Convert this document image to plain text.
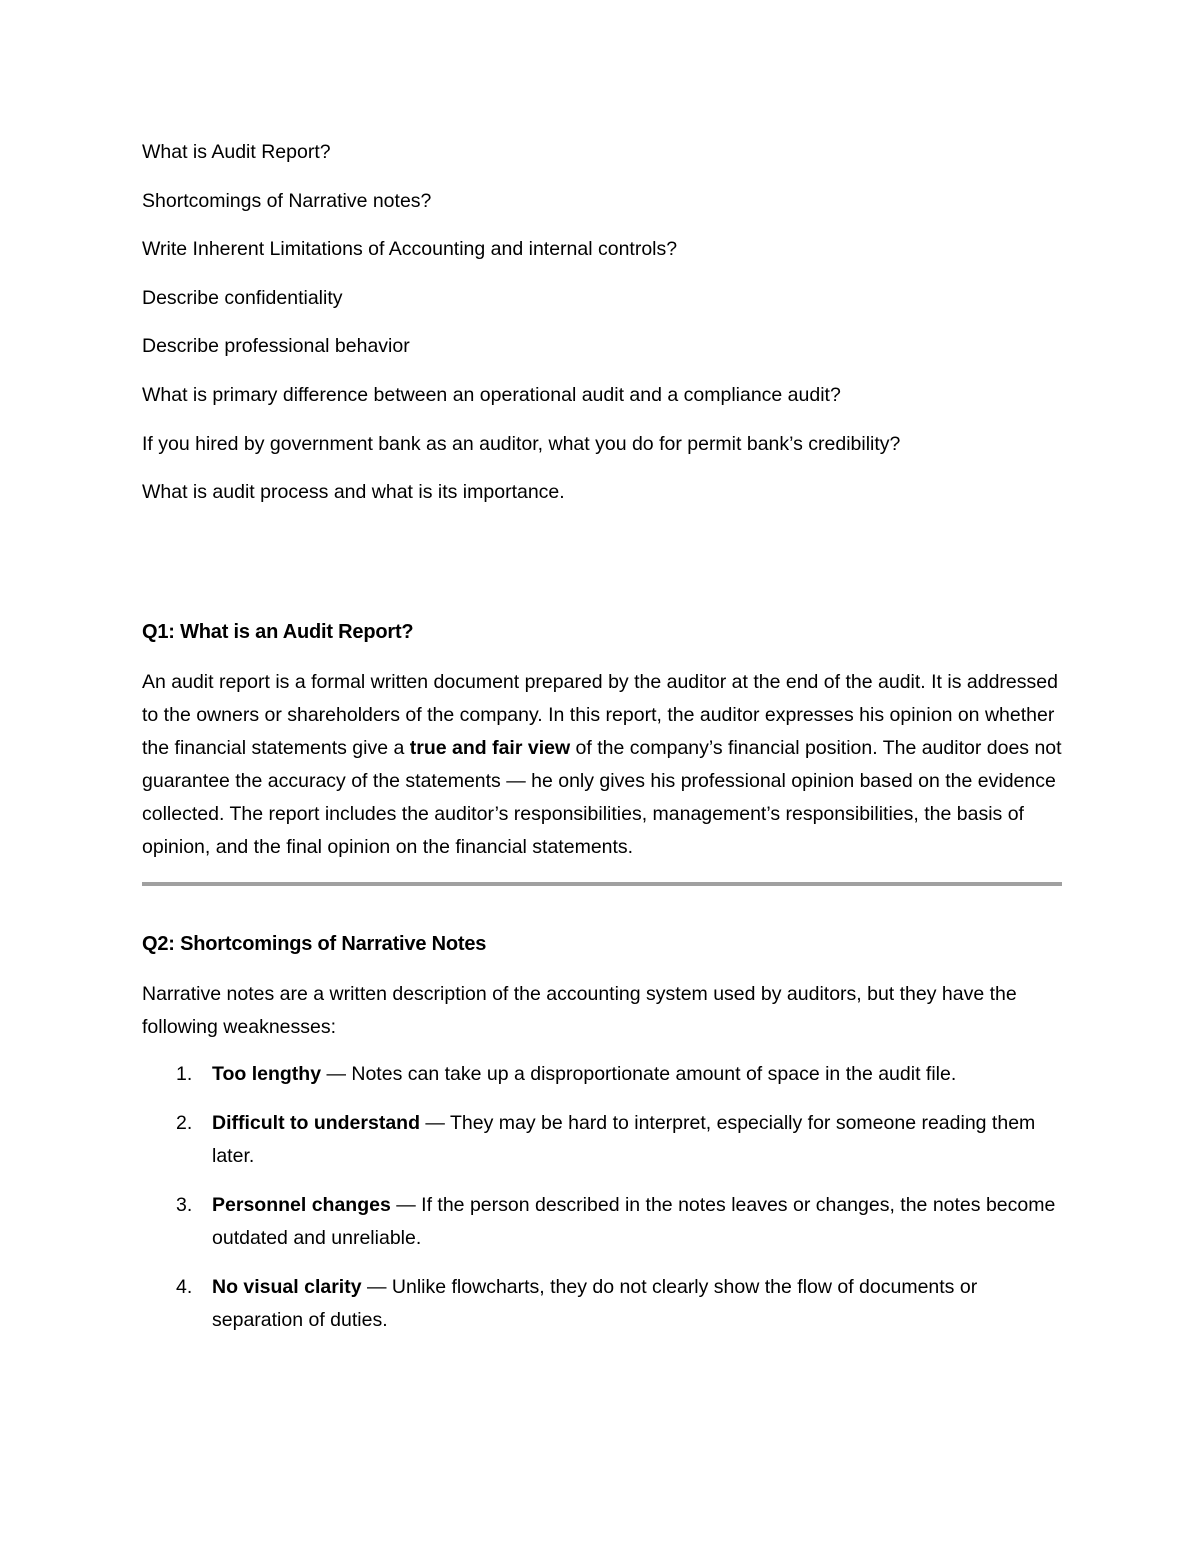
What is Audit Report?

Shortcomings of Narrative notes?

Write Inherent Limitations of Accounting and internal controls?

Describe confidentiality

Describe professional behavior

What is primary difference between an operational audit and a compliance audit?

If you hired by government bank as an auditor, what you do for permit bank’s credibility?

What is audit process and what is its importance.

Q1: What is an Audit Report?

An audit report is a formal written document prepared by the auditor at the end of the audit. It is addressed to the owners or shareholders of the company. In this report, the auditor expresses his opinion on whether the financial statements give a true and fair view of the company’s financial position. The auditor does not guarantee the accuracy of the statements — he only gives his professional opinion based on the evidence collected. The report includes the auditor’s responsibilities, management’s responsibilities, the basis of opinion, and the final opinion on the financial statements.

Q2: Shortcomings of Narrative Notes

Narrative notes are a written description of the accounting system used by auditors, but they have the following weaknesses:

1. Too lengthy — Notes can take up a disproportionate amount of space in the audit file.
2. Difficult to understand — They may be hard to interpret, especially for someone reading them later.
3. Personnel changes — If the person described in the notes leaves or changes, the notes become outdated and unreliable.
4. No visual clarity — Unlike flowcharts, they do not clearly show the flow of documents or separation of duties.
